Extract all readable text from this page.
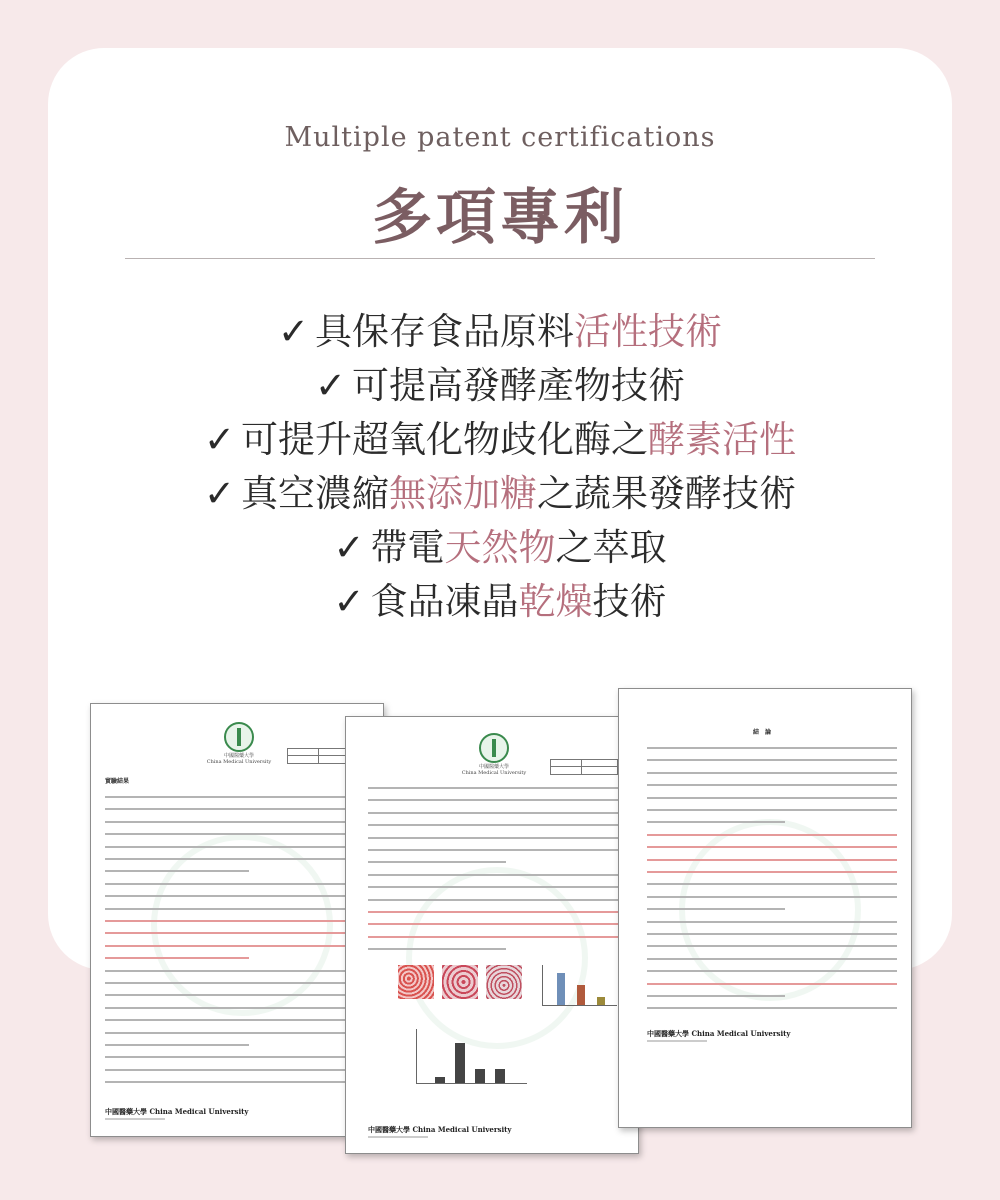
Multiple patent certifications
多項專利
✓ 具保存食品原料活性技術
✓ 可提高發酵產物技術
✓ 可提升超氧化物歧化酶之酵素活性
✓ 真空濃縮無添加糖之蔬果發酵技術
✓ 帶電天然物之萃取
✓ 食品凍晶乾燥技術
中國醫藥大學
China Medical University
實驗結果
中國醫藥大學 China Medical University
中國醫藥大學
China Medical University
中國醫藥大學 China Medical University
結　論
中國醫藥大學 China Medical University
